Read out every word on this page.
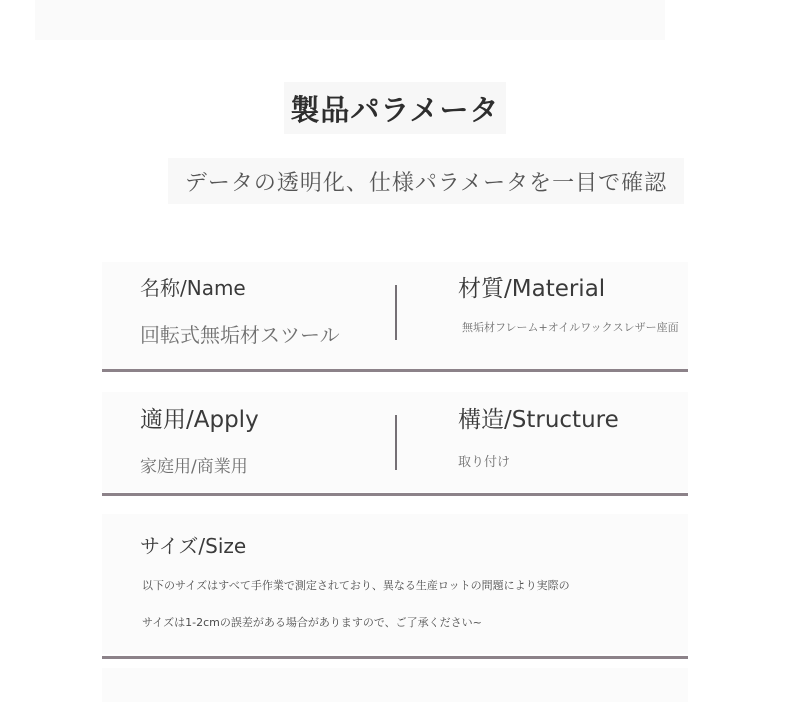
製品パラメータ
データの透明化、仕様パラメータを一目で確認
名称/Name
回転式無垢材スツール
材質/Material
無垢材フレーム+オイルワックスレザー座面
適用/Apply
家庭用/商業用
構造/Structure
取り付け
サイズ/Size
以下のサイズはすべて手作業で測定されており、異なる生産ロットの問題により実際の
サイズは1-2cmの誤差がある場合がありますので、ご了承ください~
